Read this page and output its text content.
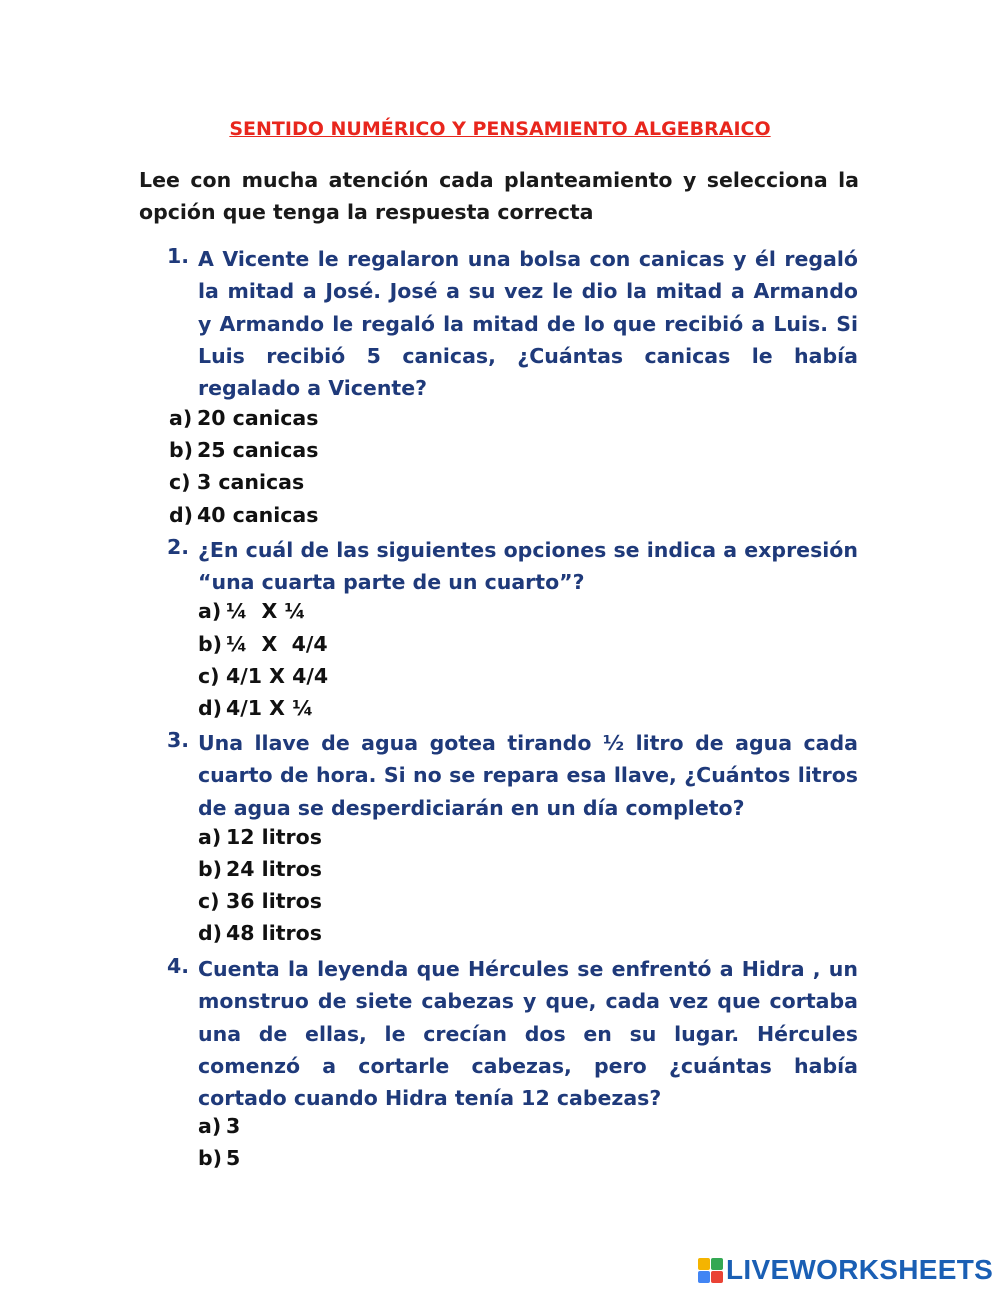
SENTIDO NUMÉRICO Y PENSAMIENTO ALGEBRAICO
Lee con mucha atención cada planteamiento y selecciona la opción que tenga la respuesta correcta
1. A Vicente le regalaron una bolsa con canicas y él regaló la mitad a José. José a su vez le dio la mitad a Armando y Armando le regaló la mitad de lo que recibió a Luis. Si Luis recibió 5 canicas, ¿Cuántas canicas le había regalado a Vicente?
a) 20 canicas
b) 25 canicas
c) 3 canicas
d) 40 canicas
2. ¿En cuál de las siguientes opciones se indica a expresión “una cuarta parte de un cuarto”?
a) ¼  X ¼
b) ¼  X  4/4
c) 4/1 X 4/4
d) 4/1 X ¼
3. Una llave de agua gotea tirando ½ litro de agua cada cuarto de hora. Si no se repara esa llave, ¿Cuántos litros de agua se desperdiciarán en un día completo?
a) 12 litros
b) 24 litros
c) 36 litros
d) 48 litros
4. Cuenta la leyenda que Hércules se enfrentó a Hidra , un monstruo de siete cabezas y que, cada vez que cortaba una de ellas, le crecían dos en su lugar. Hércules comenzó a cortarle cabezas, pero ¿cuántas había cortado cuando Hidra tenía 12 cabezas?
a) 3
b) 5
LIVEWORKSHEETS
